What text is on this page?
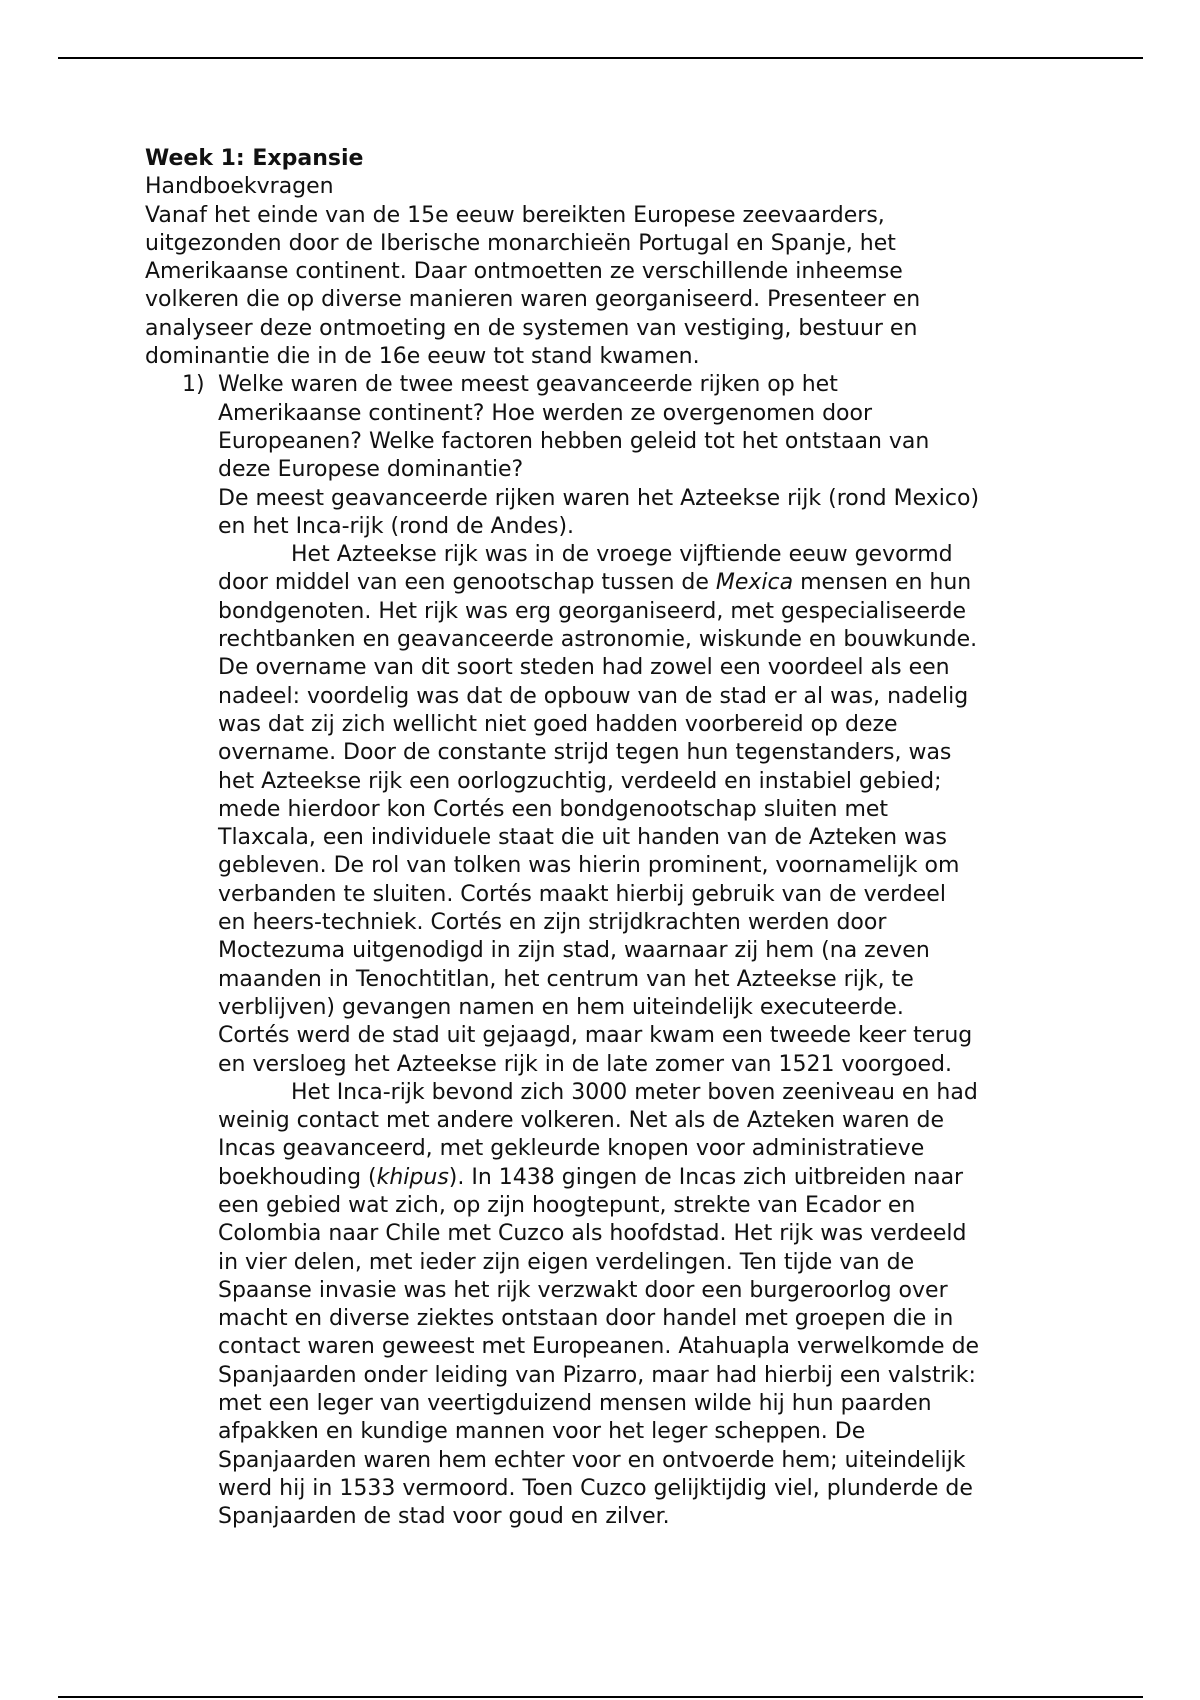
Week 1: Expansie

Handboekvragen

Vanaf het einde van de 15e eeuw bereikten Europese zeevaarders,

uitgezonden door de Iberische monarchieën Portugal en Spanje, het

Amerikaanse continent. Daar ontmoetten ze verschillende inheemse

volkeren die op diverse manieren waren georganiseerd. Presenteer en

analyseer deze ontmoeting en de systemen van vestiging, bestuur en

dominantie die in de 16e eeuw tot stand kwamen.

1) Welke waren de twee meest geavanceerde rijken op het

Amerikaanse continent? Hoe werden ze overgenomen door

Europeanen? Welke factoren hebben geleid tot het ontstaan van

deze Europese dominantie?

De meest geavanceerde rijken waren het Azteekse rijk (rond Mexico)

en het Inca-rijk (rond de Andes).

Het Azteekse rijk was in de vroege vijftiende eeuw gevormd

door middel van een genootschap tussen de Mexica mensen en hun

bondgenoten. Het rijk was erg georganiseerd, met gespecialiseerde

rechtbanken en geavanceerde astronomie, wiskunde en bouwkunde.

De overname van dit soort steden had zowel een voordeel als een

nadeel: voordelig was dat de opbouw van de stad er al was, nadelig

was dat zij zich wellicht niet goed hadden voorbereid op deze

overname. Door de constante strijd tegen hun tegenstanders, was

het Azteekse rijk een oorlogzuchtig, verdeeld en instabiel gebied;

mede hierdoor kon Cortés een bondgenootschap sluiten met

Tlaxcala, een individuele staat die uit handen van de Azteken was

gebleven. De rol van tolken was hierin prominent, voornamelijk om

verbanden te sluiten. Cortés maakt hierbij gebruik van de verdeel

en heers-techniek. Cortés en zijn strijdkrachten werden door

Moctezuma uitgenodigd in zijn stad, waarnaar zij hem (na zeven

maanden in Tenochtitlan, het centrum van het Azteekse rijk, te

verblijven) gevangen namen en hem uiteindelijk executeerde.

Cortés werd de stad uit gejaagd, maar kwam een tweede keer terug

en versloeg het Azteekse rijk in de late zomer van 1521 voorgoed.

Het Inca-rijk bevond zich 3000 meter boven zeeniveau en had

weinig contact met andere volkeren. Net als de Azteken waren de

Incas geavanceerd, met gekleurde knopen voor administratieve

boekhouding (khipus). In 1438 gingen de Incas zich uitbreiden naar

een gebied wat zich, op zijn hoogtepunt, strekte van Ecador en

Colombia naar Chile met Cuzco als hoofdstad. Het rijk was verdeeld

in vier delen, met ieder zijn eigen verdelingen. Ten tijde van de

Spaanse invasie was het rijk verzwakt door een burgeroorlog over

macht en diverse ziektes ontstaan door handel met groepen die in

contact waren geweest met Europeanen. Atahuapla verwelkomde de

Spanjaarden onder leiding van Pizarro, maar had hierbij een valstrik:

met een leger van veertigduizend mensen wilde hij hun paarden

afpakken en kundige mannen voor het leger scheppen. De

Spanjaarden waren hem echter voor en ontvoerde hem; uiteindelijk

werd hij in 1533 vermoord. Toen Cuzco gelijktijdig viel, plunderde de

Spanjaarden de stad voor goud en zilver.
